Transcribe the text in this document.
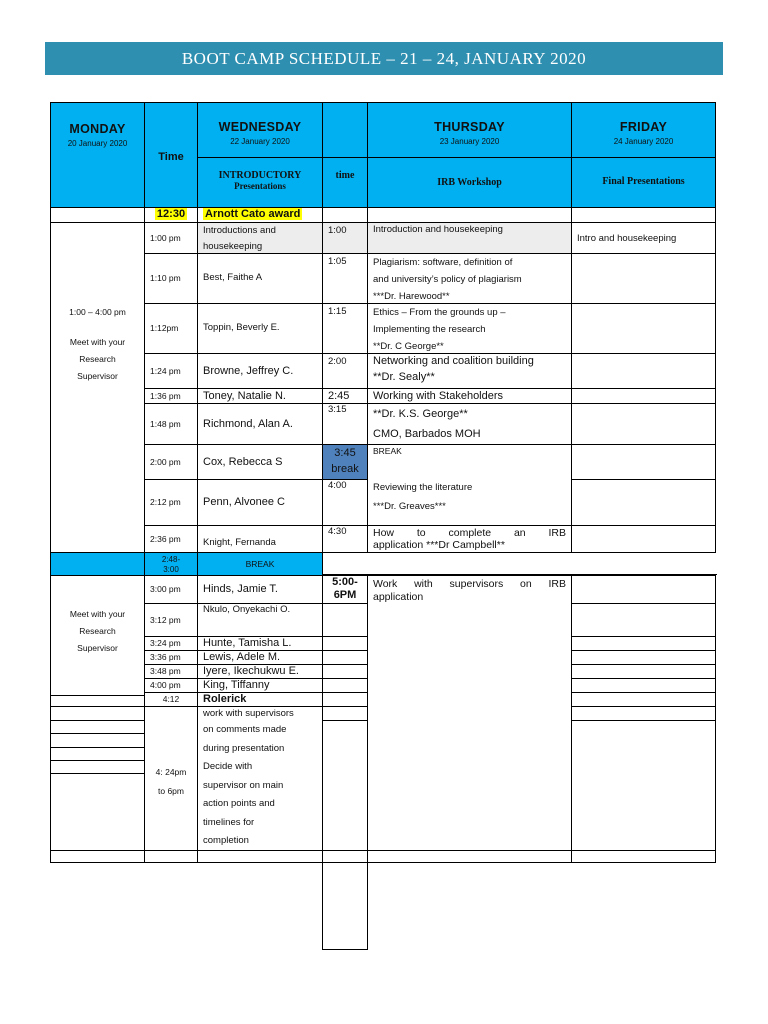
BOOT CAMP SCHEDULE – 21 – 24, JANUARY 2020
MONDAY
20 January 2020
Time
WEDNESDAY
22 January 2020
THURSDAY
23 January 2020
FRIDAY
24 January 2020
INTRODUCTORY
Presentations
time
IRB Workshop	Final Presentations
12:30	Arnott Cato award
1:00 – 4:00 pm
Meet with your
Research
Supervisor
1:00 pm
1:10 pm
1:12pm
1:24 pm
1:36 pm
1:48 pm
2:00 pm
2:12 pm
2:36 pm
Introductions and
housekeeping
Best, Faithe A
Toppin, Beverly E.
Browne, Jeffrey C.
Toney, Natalie N.
Richmond, Alan A.
Cox, Rebecca S
Penn, Alvonee C
Knight, Fernanda
1:00
1:05
1:15
2:00
2:45
3:15
3:45
break
4:00
4:30
Introduction and housekeeping
Plagiarism: software, definition of
and university’s policy of plagiarism
***Dr. Harewood**
Ethics – From the grounds up –
Implementing the research
**Dr. C George**
Networking and coalition building
**Dr. Sealy**
Working with Stakeholders
**Dr. K.S. George**
CMO, Barbados MOH
BREAK
Reviewing the literature
***Dr. Greaves***
How to complete an IRB
application ***Dr Campbell**
Intro and housekeeping
2:48-
3:00
BREAK
Meet with your
Research
Supervisor
3:00 pm
3:12 pm
3:24 pm
3:36 pm
3:48 pm
4:00 pm
4:12
Hinds, Jamie T.
Nkulo, Onyekachi O.
Hunte, Tamisha L.
Lewis, Adele M.
Iyere, Ikechukwu E.
King, Tiffanny
Rolerick
5:00-
6PM
Work with supervisors on IRB
application
4: 24pm
to 6pm
work with supervisors
on comments made
during presentation
Decide with
supervisor on main
action points and
timelines for
completion
